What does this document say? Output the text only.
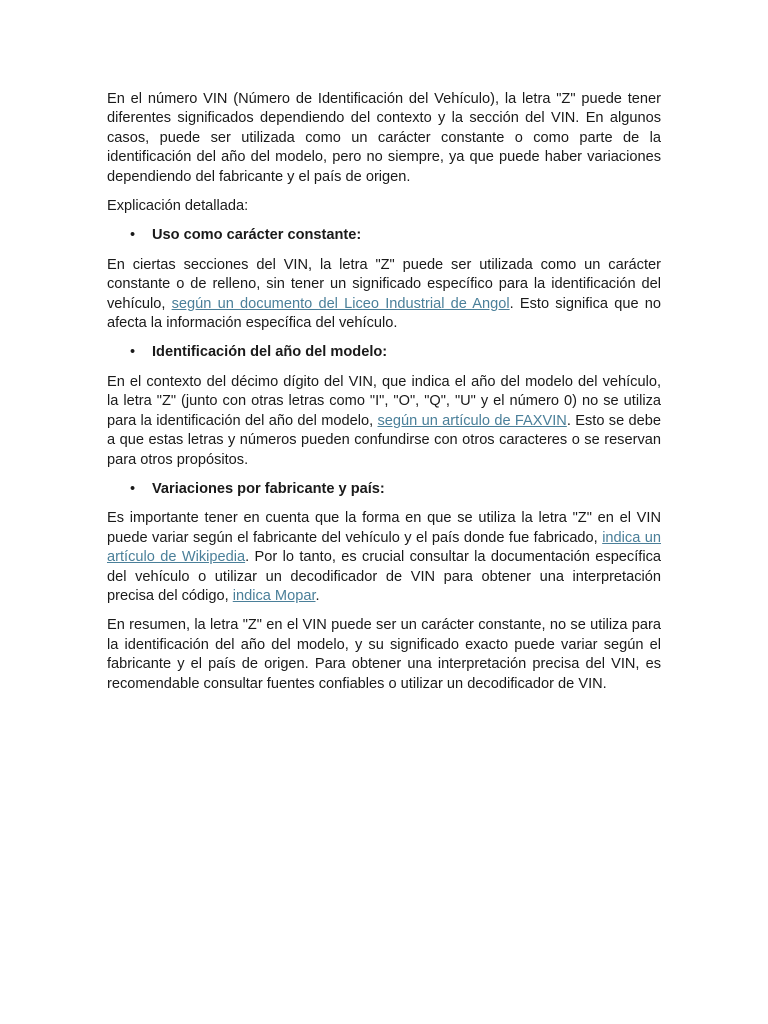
En el número VIN (Número de Identificación del Vehículo), la letra "Z" puede tener diferentes significados dependiendo del contexto y la sección del VIN. En algunos casos, puede ser utilizada como un carácter constante o como parte de la identificación del año del modelo, pero no siempre, ya que puede haber variaciones dependiendo del fabricante y el país de origen.

Explicación detallada:

• Uso como carácter constante:

En ciertas secciones del VIN, la letra "Z" puede ser utilizada como un carácter constante o de relleno, sin tener un significado específico para la identificación del vehículo, según un documento del Liceo Industrial de Angol. Esto significa que no afecta la información específica del vehículo.

• Identificación del año del modelo:

En el contexto del décimo dígito del VIN, que indica el año del modelo del vehículo, la letra "Z" (junto con otras letras como "I", "O", "Q", "U" y el número 0) no se utiliza para la identificación del año del modelo, según un artículo de FAXVIN. Esto se debe a que estas letras y números pueden confundirse con otros caracteres o se reservan para otros propósitos.

• Variaciones por fabricante y país:

Es importante tener en cuenta que la forma en que se utiliza la letra "Z" en el VIN puede variar según el fabricante del vehículo y el país donde fue fabricado, indica un artículo de Wikipedia. Por lo tanto, es crucial consultar la documentación específica del vehículo o utilizar un decodificador de VIN para obtener una interpretación precisa del código, indica Mopar.

En resumen, la letra "Z" en el VIN puede ser un carácter constante, no se utiliza para la identificación del año del modelo, y su significado exacto puede variar según el fabricante y el país de origen. Para obtener una interpretación precisa del VIN, es recomendable consultar fuentes confiables o utilizar un decodificador de VIN.
